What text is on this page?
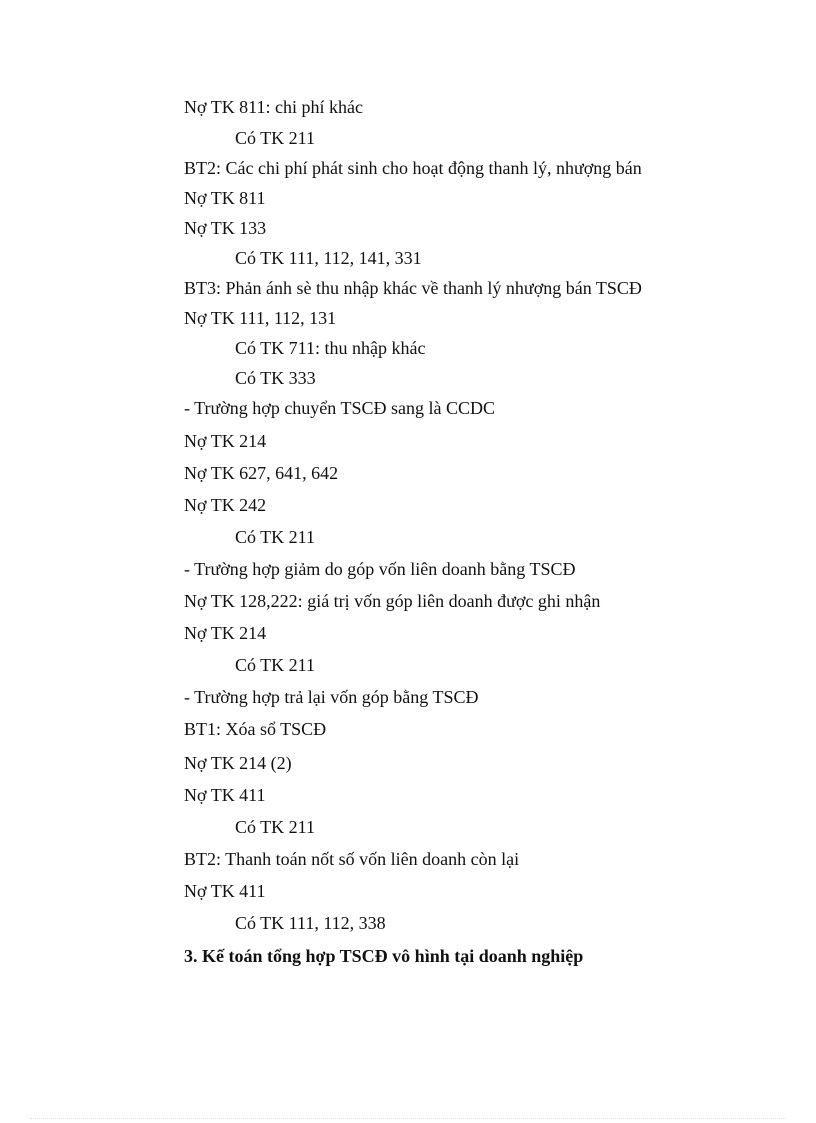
Nợ TK 811: chi phí khác
Có TK 211
BT2: Các chi phí phát sinh cho hoạt động thanh lý, nhượng bán
Nợ TK 811
Nợ TK 133
Có TK 111, 112, 141, 331
BT3: Phản ánh sè thu nhập khác về thanh lý nhượng bán TSCĐ
Nợ TK 111, 112, 131
Có TK 711: thu nhập khác
Có TK 333
- Trường hợp chuyển TSCĐ sang là CCDC
Nợ TK 214
Nợ TK 627, 641, 642
Nợ TK 242
Có TK 211
- Trường hợp giảm do góp vốn liên doanh bằng TSCĐ
Nợ TK 128,222: giá trị vốn góp liên doanh được ghi nhận
Nợ TK 214
Có TK 211
- Trường hợp trả lại vốn góp bằng TSCĐ
BT1: Xóa sổ TSCĐ
Nợ TK 214 (2)
Nợ TK 411
Có TK 211
BT2: Thanh toán nốt số vốn liên doanh còn lại
Nợ TK 411
Có TK 111, 112, 338
3. Kế toán tổng hợp TSCĐ vô hình tại doanh nghiệp
